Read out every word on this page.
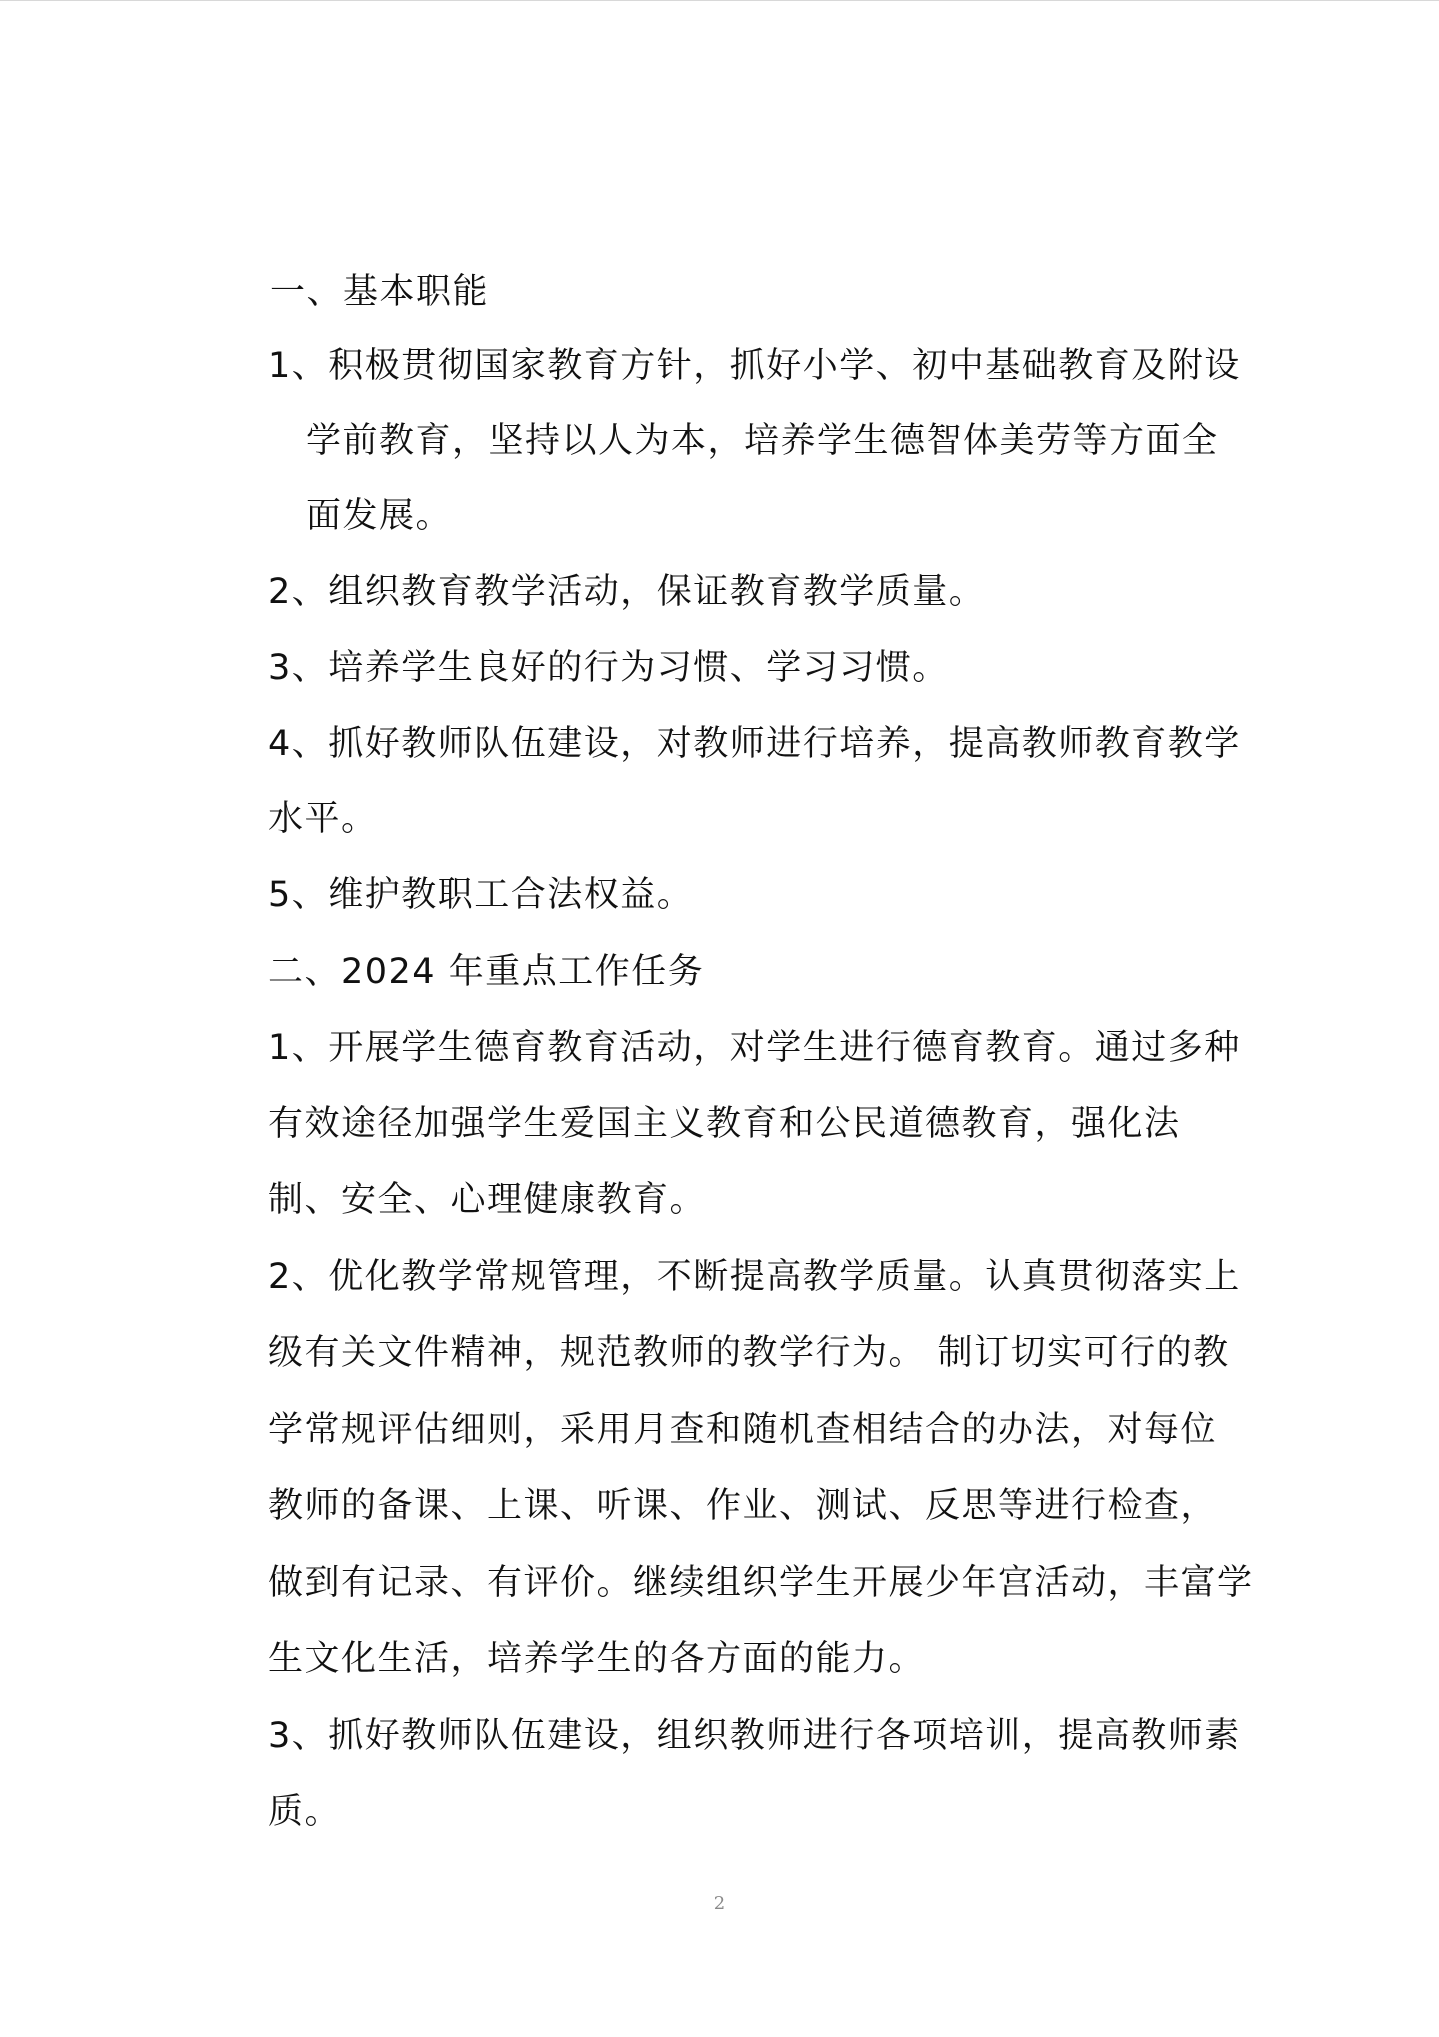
一、基本职能
1、积极贯彻国家教育方针，抓好小学、初中基础教育及附设
学前教育，坚持以人为本，培养学生德智体美劳等方面全
面发展。
2、组织教育教学活动，保证教育教学质量。
3、培养学生良好的行为习惯、学习习惯。
4、抓好教师队伍建设，对教师进行培养，提高教师教育教学
水平。
5、维护教职工合法权益。
二、2024 年重点工作任务
1、开展学生德育教育活动，对学生进行德育教育。通过多种
有效途径加强学生爱国主义教育和公民道德教育，强化法
制、安全、心理健康教育。
2、优化教学常规管理，不断提高教学质量。认真贯彻落实上
级有关文件精神，规范教师的教学行为。 制订切实可行的教
学常规评估细则，采用月查和随机查相结合的办法，对每位
教师的备课、上课、听课、作业、测试、反思等进行检查，
做到有记录、有评价。继续组织学生开展少年宫活动，丰富学
生文化生活，培养学生的各方面的能力。
3、抓好教师队伍建设，组织教师进行各项培训，提高教师素
质。
2
